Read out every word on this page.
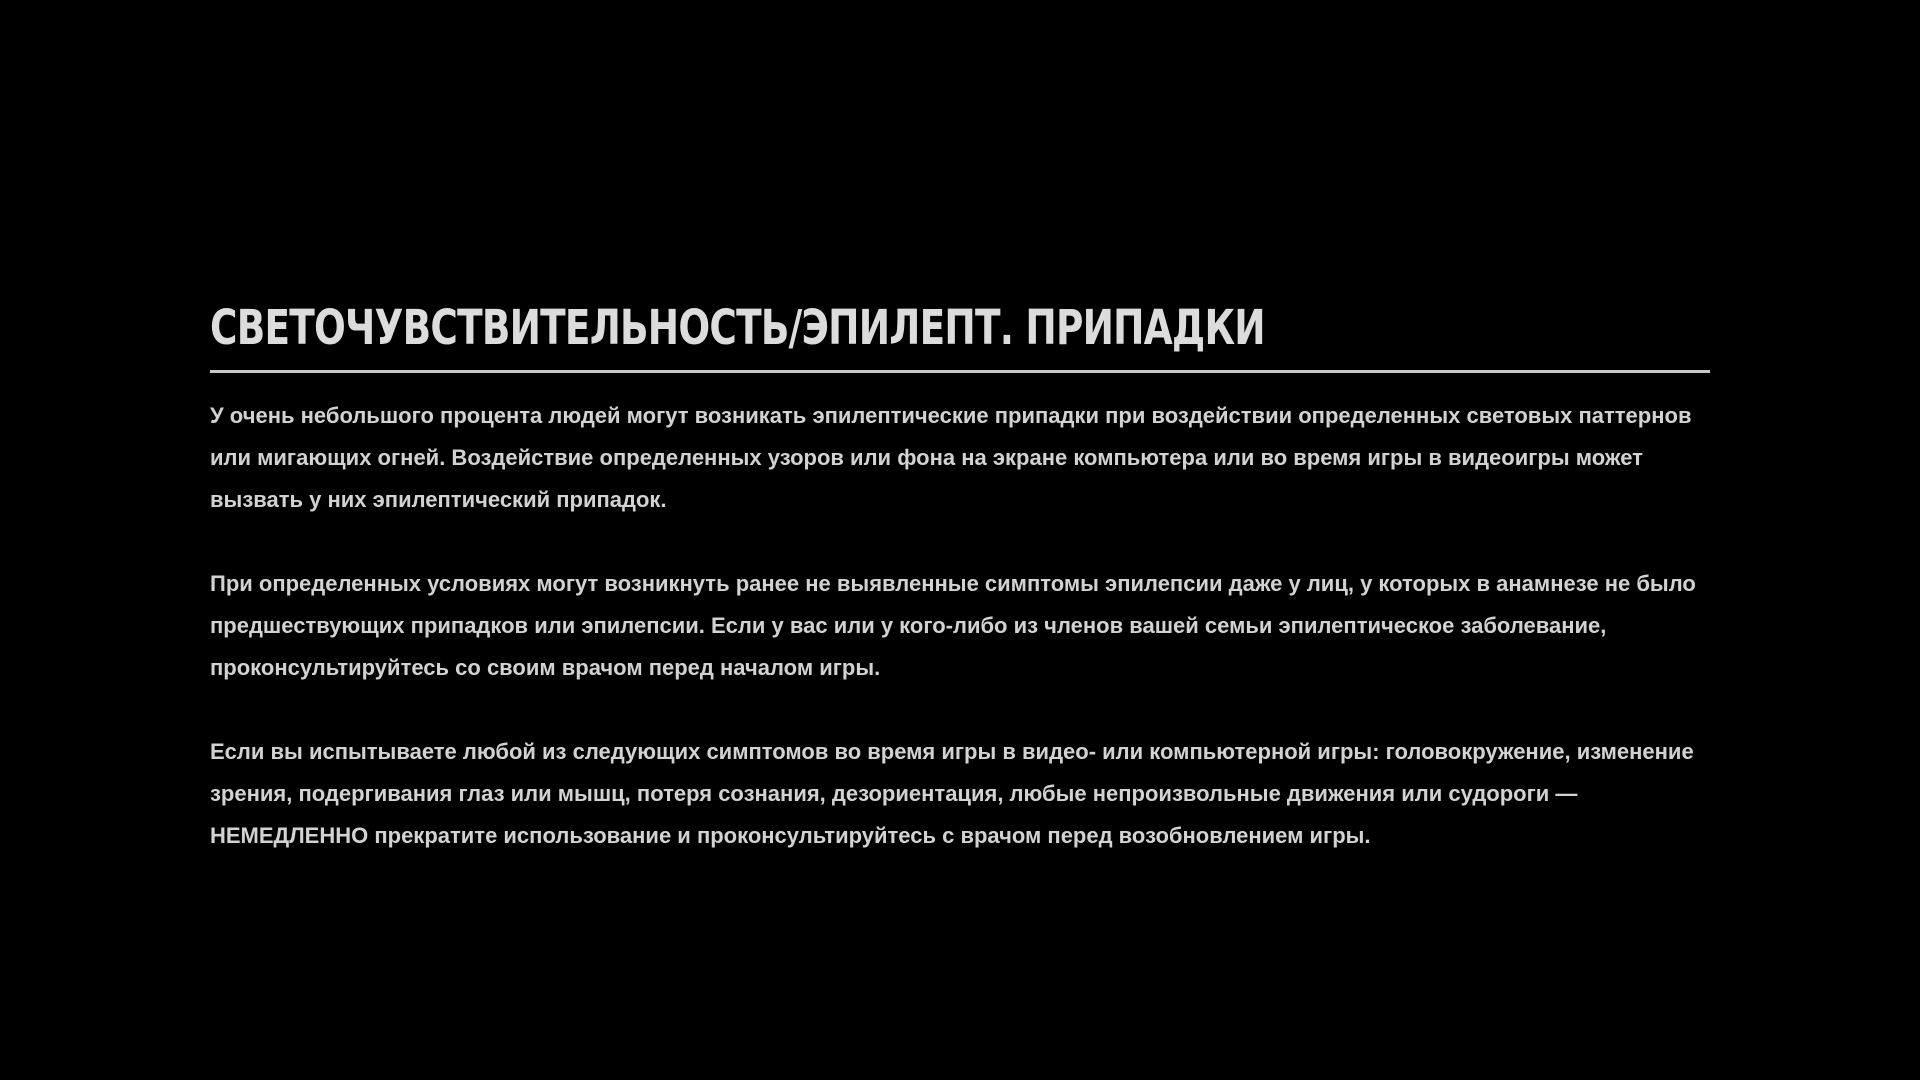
СВЕТОЧУВСТВИТЕЛЬНОСТЬ/ЭПИЛЕПТ. ПРИПАДКИ

У очень небольшого процента людей могут возникать эпилептические припадки при воздействии определенных световых паттернов или мигающих огней. Воздействие определенных узоров или фона на экране компьютера или во время игры в видеоигры может вызвать у них эпилептический припадок.

При определенных условиях могут возникнуть ранее не выявленные симптомы эпилепсии даже у лиц, у которых в анамнезе не было предшествующих припадков или эпилепсии. Если у вас или у кого-либо из членов вашей семьи эпилептическое заболевание, проконсультируйтесь со своим врачом перед началом игры.

Если вы испытываете любой из следующих симптомов во время игры в видео- или компьютерной игры: головокружение, изменение зрения, подергивания глаз или мышц, потеря сознания, дезориентация, любые непроизвольные движения или судороги — НЕМЕДЛЕННО прекратите использование и проконсультируйтесь с врачом перед возобновлением игры.
